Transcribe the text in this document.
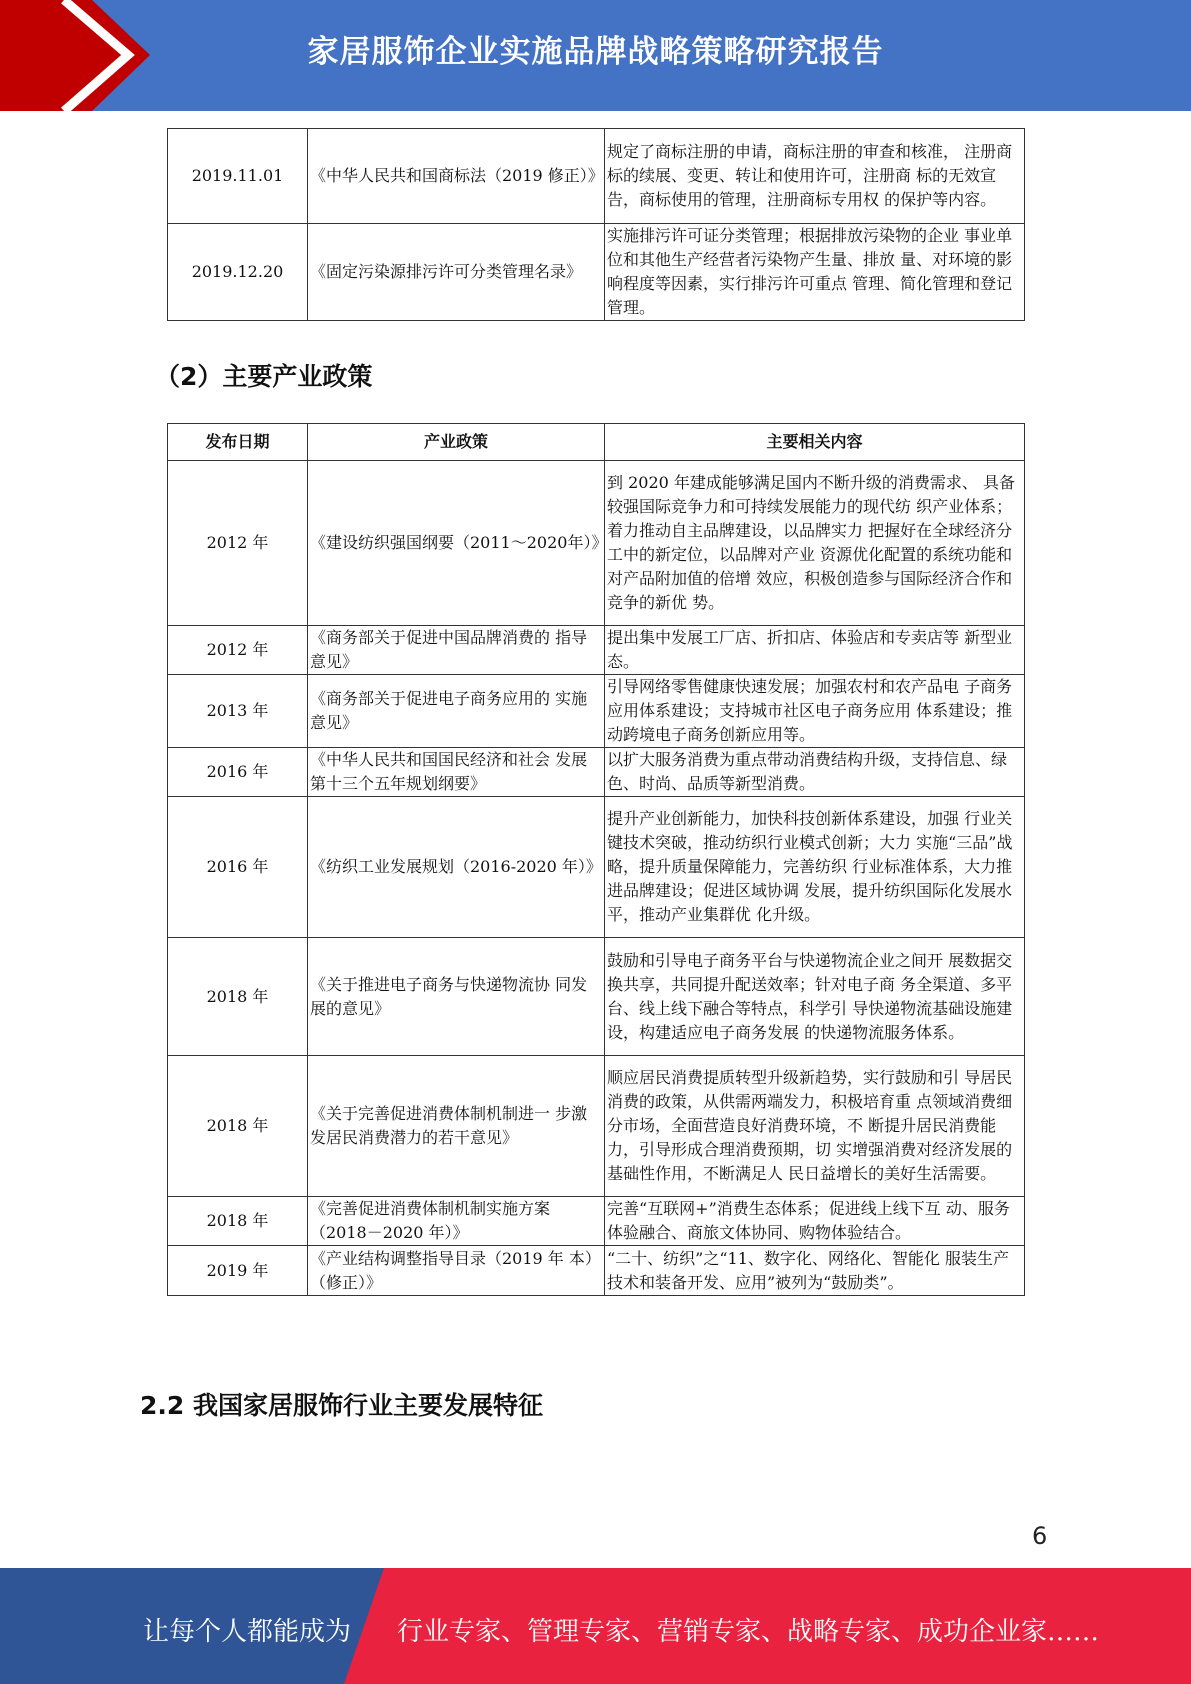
家居服饰企业实施品牌战略策略研究报告
2019.11.01	《中华人民共和国商标法（2019 修正）》	规定了商标注册的申请，商标注册的审查和核准， 注册商标的续展、变更、转让和使用许可，注册商 标的无效宣告，商标使用的管理，注册商标专用权 的保护等内容。
2019.12.20	《固定污染源排污许可分类管理名录》	实施排污许可证分类管理；根据排放污染物的企业 事业单位和其他生产经营者污染物产生量、排放 量、对环境的影响程度等因素，实行排污许可重点 管理、简化管理和登记管理。
（2）主要产业政策
发布日期	产业政策	主要相关内容
2012 年	《建设纺织强国纲要（2011～2020年）》	到 2020 年建成能够满足国内不断升级的消费需求、 具备较强国际竞争力和可持续发展能力的现代纺 织产业体系；着力推动自主品牌建设，以品牌实力 把握好在全球经济分工中的新定位，以品牌对产业 资源优化配置的系统功能和对产品附加值的倍增 效应，积极创造参与国际经济合作和竞争的新优 势。
2012 年	《商务部关于促进中国品牌消费的 指导意见》	提出集中发展工厂店、折扣店、体验店和专卖店等 新型业态。
2013 年	《商务部关于促进电子商务应用的 实施意见》	引导网络零售健康快速发展；加强农村和农产品电 子商务应用体系建设；支持城市社区电子商务应用 体系建设；推动跨境电子商务创新应用等。
2016 年	《中华人民共和国国民经济和社会 发展第十三个五年规划纲要》	以扩大服务消费为重点带动消费结构升级，支持信息、绿色、时尚、品质等新型消费。
2016 年	《纺织工业发展规划（2016-2020 年）》	提升产业创新能力，加快科技创新体系建设，加强 行业关键技术突破，推动纺织行业模式创新；大力 实施“三品”战略，提升质量保障能力，完善纺织 行业标准体系，大力推进品牌建设；促进区域协调 发展，提升纺织国际化发展水平，推动产业集群优 化升级。
2018 年	《关于推进电子商务与快递物流协 同发展的意见》	鼓励和引导电子商务平台与快递物流企业之间开 展数据交换共享，共同提升配送效率；针对电子商 务全渠道、多平台、线上线下融合等特点，科学引 导快递物流基础设施建设，构建适应电子商务发展 的快递物流服务体系。
2018 年	《关于完善促进消费体制机制进一 步激发居民消费潜力的若干意见》	顺应居民消费提质转型升级新趋势，实行鼓励和引 导居民消费的政策，从供需两端发力，积极培育重 点领域消费细分市场，全面营造良好消费环境，不 断提升居民消费能力，引导形成合理消费预期，切 实增强消费对经济发展的基础性作用，不断满足人 民日益增长的美好生活需要。
2018 年	《完善促进消费体制机制实施方案（2018－2020 年）》	完善“互联网+”消费生态体系；促进线上线下互 动、服务体验融合、商旅文体协同、购物体验结合。
2019 年	《产业结构调整指导目录（2019 年 本）（修正）》	“二十、纺织”之“11、数字化、网络化、智能化 服装生产技术和装备开发、应用”被列为“鼓励类”。
2.2 我国家居服饰行业主要发展特征
6
让每个人都能成为 行业专家、管理专家、营销专家、战略专家、成功企业家……
